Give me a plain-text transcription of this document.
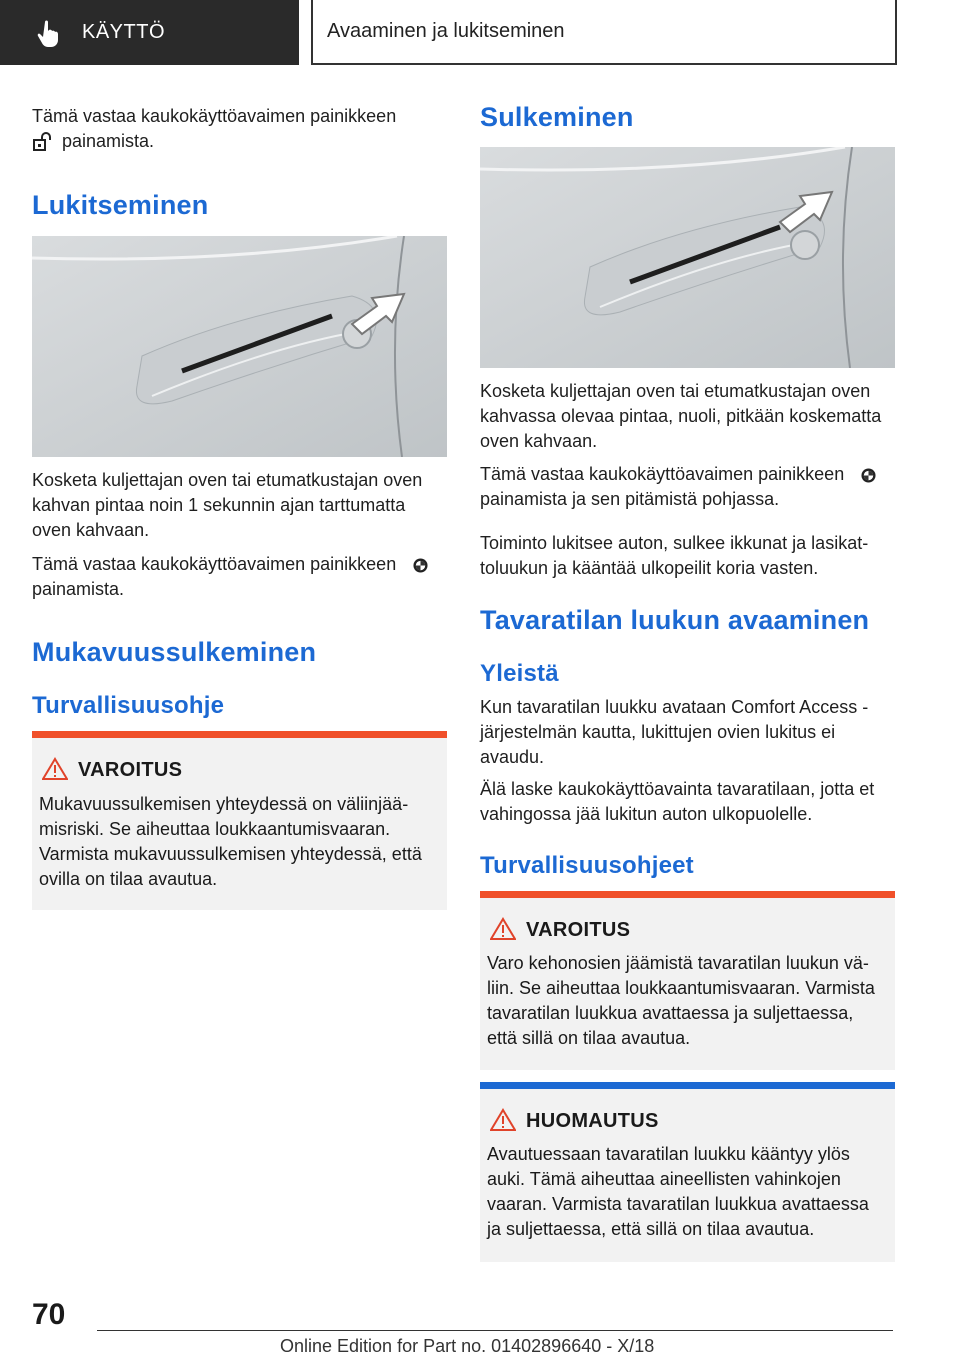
KÄYTTÖ	Avaaminen ja lukitseminen

Tämä vastaa kaukokäyttöavaimen painikkeen
painamista.

Lukitseminen

Kosketa kuljettajan oven tai etumatkustajan oven kahvan pintaa noin 1 sekunnin ajan tarttumatta oven kahvaan.

Tämä vastaa kaukokäyttöavaimen painikkeen
painamista.

Mukavuussulkeminen
Turvallisuusohje
VAROITUS

Mukavuussulkemisen yhteydessä on väliinjää-misriski. Se aiheuttaa loukkaantumisvaaran. Varmista mukavuussulkemisen yhteydessä, että ovilla on tilaa avautua.

Sulkeminen

Kosketa kuljettajan oven tai etumatkustajan oven kahvassa olevaa pintaa, nuoli, pitkään koskematta oven kahvaan.

Tämä vastaa kaukokäyttöavaimen painikkeen
painamista ja sen pitämistä pohjassa.

Toiminto lukitsee auton, sulkee ikkunat ja lasikat-toluukun ja kääntää ulkopeilit koria vasten.

Tavaratilan luukun avaaminen
Yleistä

Kun tavaratilan luukku avataan Comfort Access -järjestelmän kautta, lukittujen ovien lukitus ei avaudu.

Älä laske kaukokäyttöavainta tavaratilaan, jotta et vahingossa jää lukitun auton ulkopuolelle.

Turvallisuusohjeet
VAROITUS

Varo kehonosien jäämistä tavaratilan luukun vä-liin. Se aiheuttaa loukkaantumisvaaran. Varmista tavaratilan luukkua avattaessa ja suljettaessa, että sillä on tilaa avautua.

HUOMAUTUS

Avautuessaan tavaratilan luukku kääntyy ylös auki. Tämä aiheuttaa aineellisten vahinkojen vaaran. Varmista tavaratilan luukkua avattaessa ja suljettaessa, että sillä on tilaa avautua.

70
Online Edition for Part no. 01402896640 - X/18
